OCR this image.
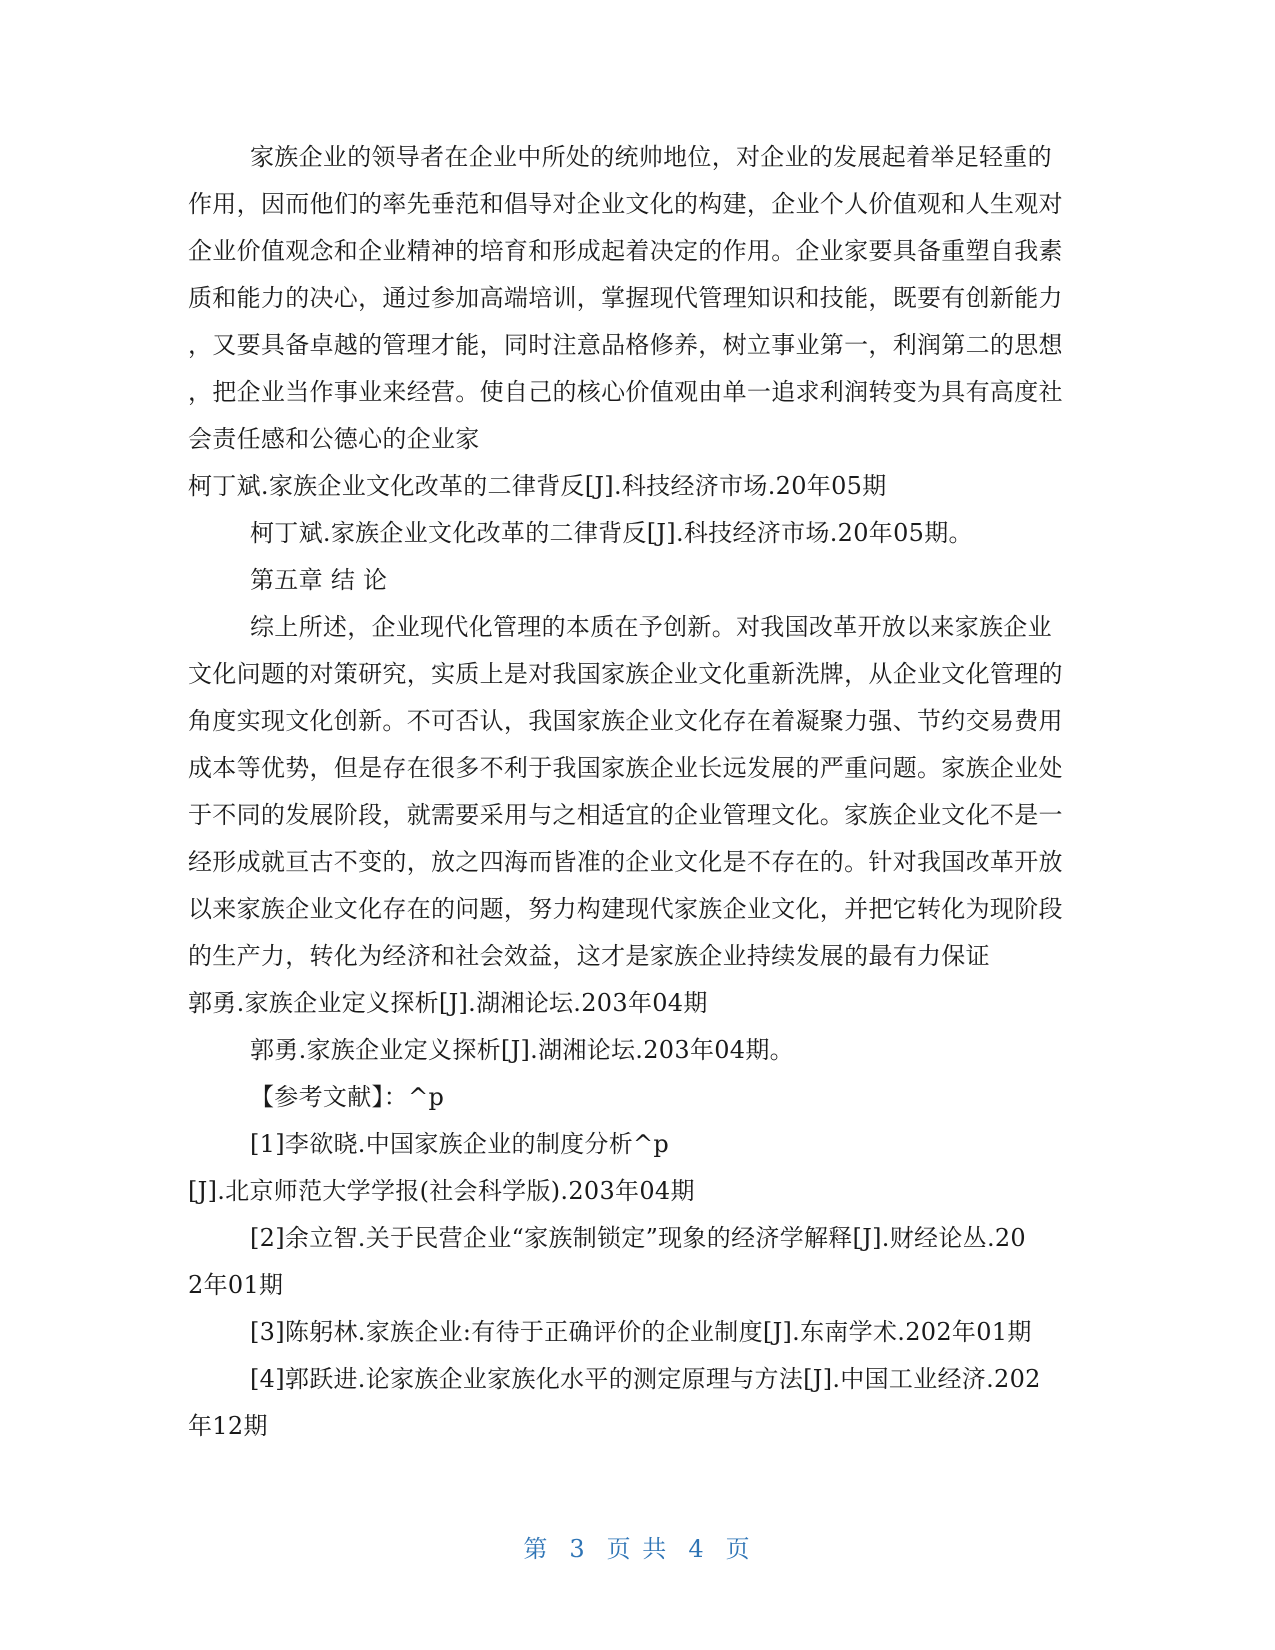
家族企业的领导者在企业中所处的统帅地位，对企业的发展起着举足轻重的
作用，因而他们的率先垂范和倡导对企业文化的构建，企业个人价值观和人生观对
企业价值观念和企业精神的培育和形成起着决定的作用。企业家要具备重塑自我素
质和能力的决心，通过参加高端培训，掌握现代管理知识和技能，既要有创新能力
，又要具备卓越的管理才能，同时注意品格修养，树立事业第一，利润第二的思想
，把企业当作事业来经营。使自己的核心价值观由单一追求利润转变为具有高度社
会责任感和公德心的企业家
柯丁斌.家族企业文化改革的二律背反[J].科技经济市场.20年05期
柯丁斌.家族企业文化改革的二律背反[J].科技经济市场.20年05期。
第五章 结 论
综上所述，企业现代化管理的本质在予创新。对我国改革开放以来家族企业
文化问题的对策研究，实质上是对我国家族企业文化重新洗牌，从企业文化管理的
角度实现文化创新。不可否认，我国家族企业文化存在着凝聚力强、节约交易费用
成本等优势，但是存在很多不利于我国家族企业长远发展的严重问题。家族企业处
于不同的发展阶段，就需要采用与之相适宜的企业管理文化。家族企业文化不是一
经形成就亘古不变的，放之四海而皆准的企业文化是不存在的。针对我国改革开放
以来家族企业文化存在的问题，努力构建现代家族企业文化，并把它转化为现阶段
的生产力，转化为经济和社会效益，这才是家族企业持续发展的最有力保证
郭勇.家族企业定义探析[J].湖湘论坛.203年04期
郭勇.家族企业定义探析[J].湖湘论坛.203年04期。
【参考文献】：^p
[1]李欲晓.中国家族企业的制度分析^p
[J].北京师范大学学报(社会科学版).203年04期
[2]余立智.关于民营企业“家族制锁定”现象的经济学解释[J].财经论丛.20
2年01期
[3]陈躬林.家族企业:有待于正确评价的企业制度[J].东南学术.202年01期
[4]郭跃进.论家族企业家族化水平的测定原理与方法[J].中国工业经济.202
年12期
第 3 页 共 4 页
